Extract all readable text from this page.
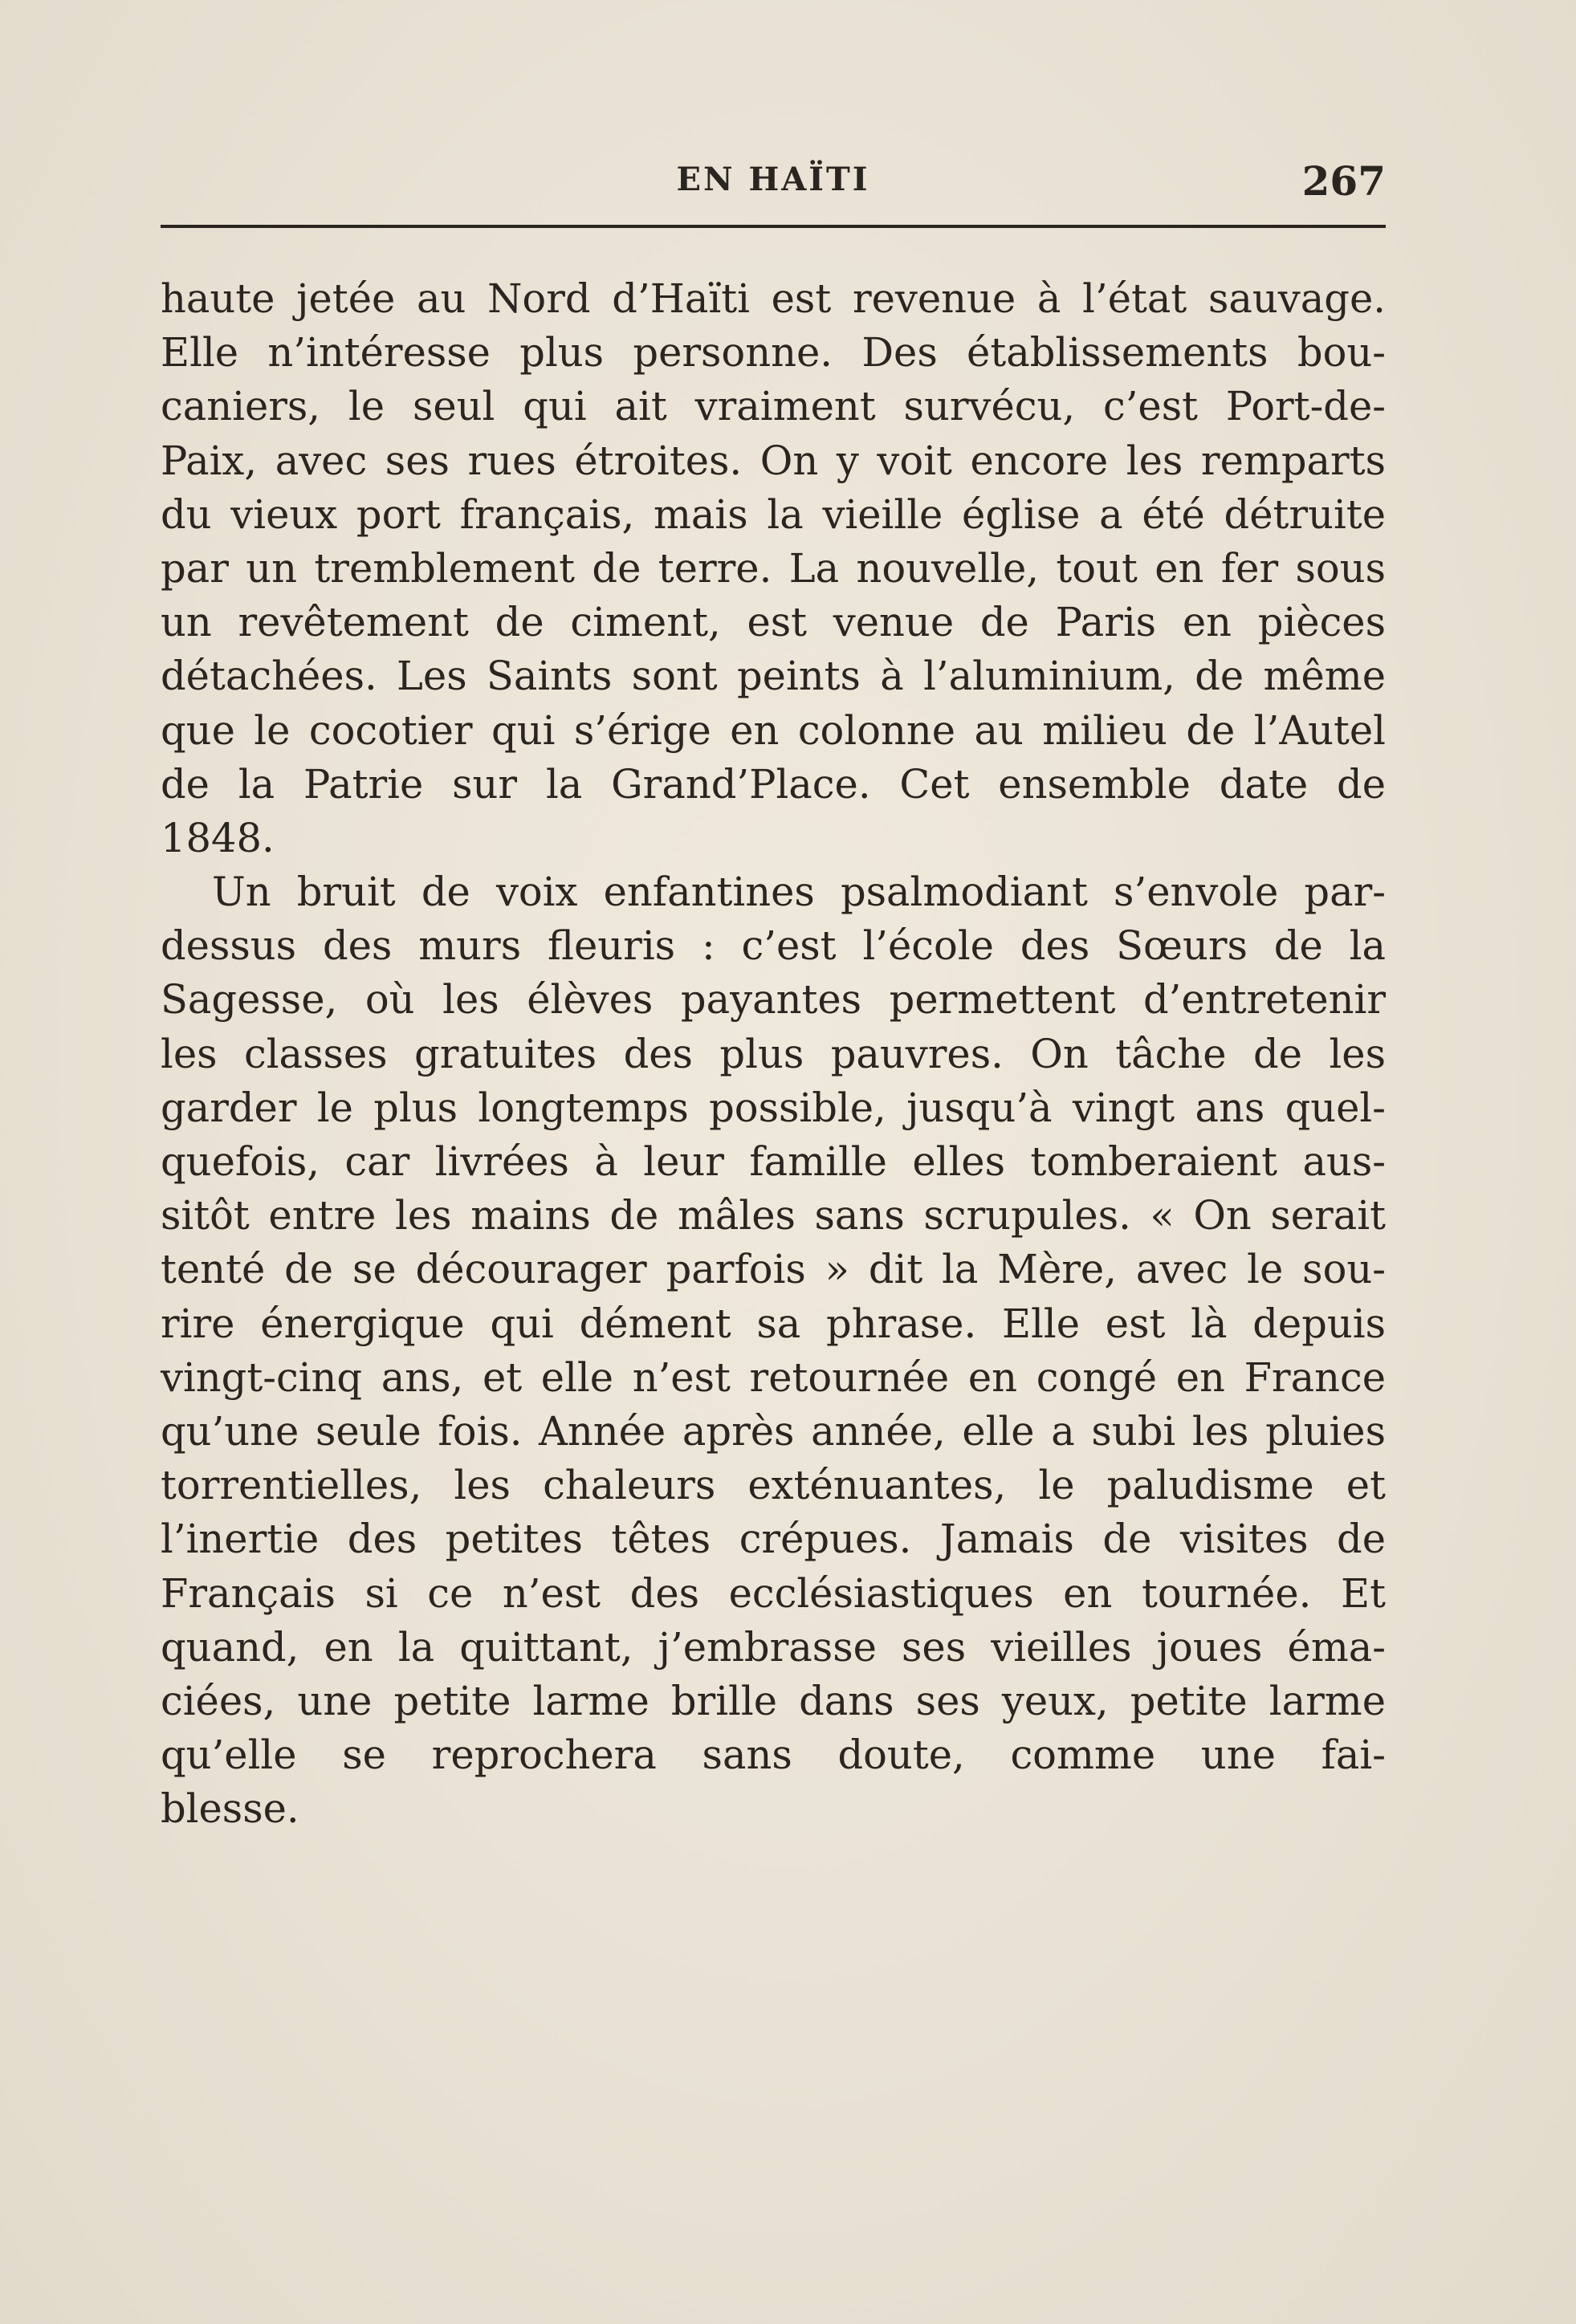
EN HAÏTI	267
haute jetée au Nord d’Haïti est revenue à l’état sauvage.
Elle n’intéresse plus personne. Des établissements bou-
caniers, le seul qui ait vraiment survécu, c’est Port-de-
Paix, avec ses rues étroites. On y voit encore les remparts
du vieux port français, mais la vieille église a été détruite
par un tremblement de terre. La nouvelle, tout en fer sous
un revêtement de ciment, est venue de Paris en pièces
détachées. Les Saints sont peints à l’aluminium, de même
que le cocotier qui s’érige en colonne au milieu de l’Autel
de la Patrie sur la Grand’Place. Cet ensemble date de
1848.
Un bruit de voix enfantines psalmodiant s’envole par-
dessus des murs fleuris : c’est l’école des Sœurs de la
Sagesse, où les élèves payantes permettent d’entretenir
les classes gratuites des plus pauvres. On tâche de les
garder le plus longtemps possible, jusqu’à vingt ans quel-
quefois, car livrées à leur famille elles tomberaient aus-
sitôt entre les mains de mâles sans scrupules. « On serait
tenté de se décourager parfois » dit la Mère, avec le sou-
rire énergique qui dément sa phrase. Elle est là depuis
vingt-cinq ans, et elle n’est retournée en congé en France
qu’une seule fois. Année après année, elle a subi les pluies
torrentielles, les chaleurs exténuantes, le paludisme et
l’inertie des petites têtes crépues. Jamais de visites de
Français si ce n’est des ecclésiastiques en tournée. Et
quand, en la quittant, j’embrasse ses vieilles joues éma-
ciées, une petite larme brille dans ses yeux, petite larme
qu’elle se reprochera sans doute, comme une fai-
blesse.
